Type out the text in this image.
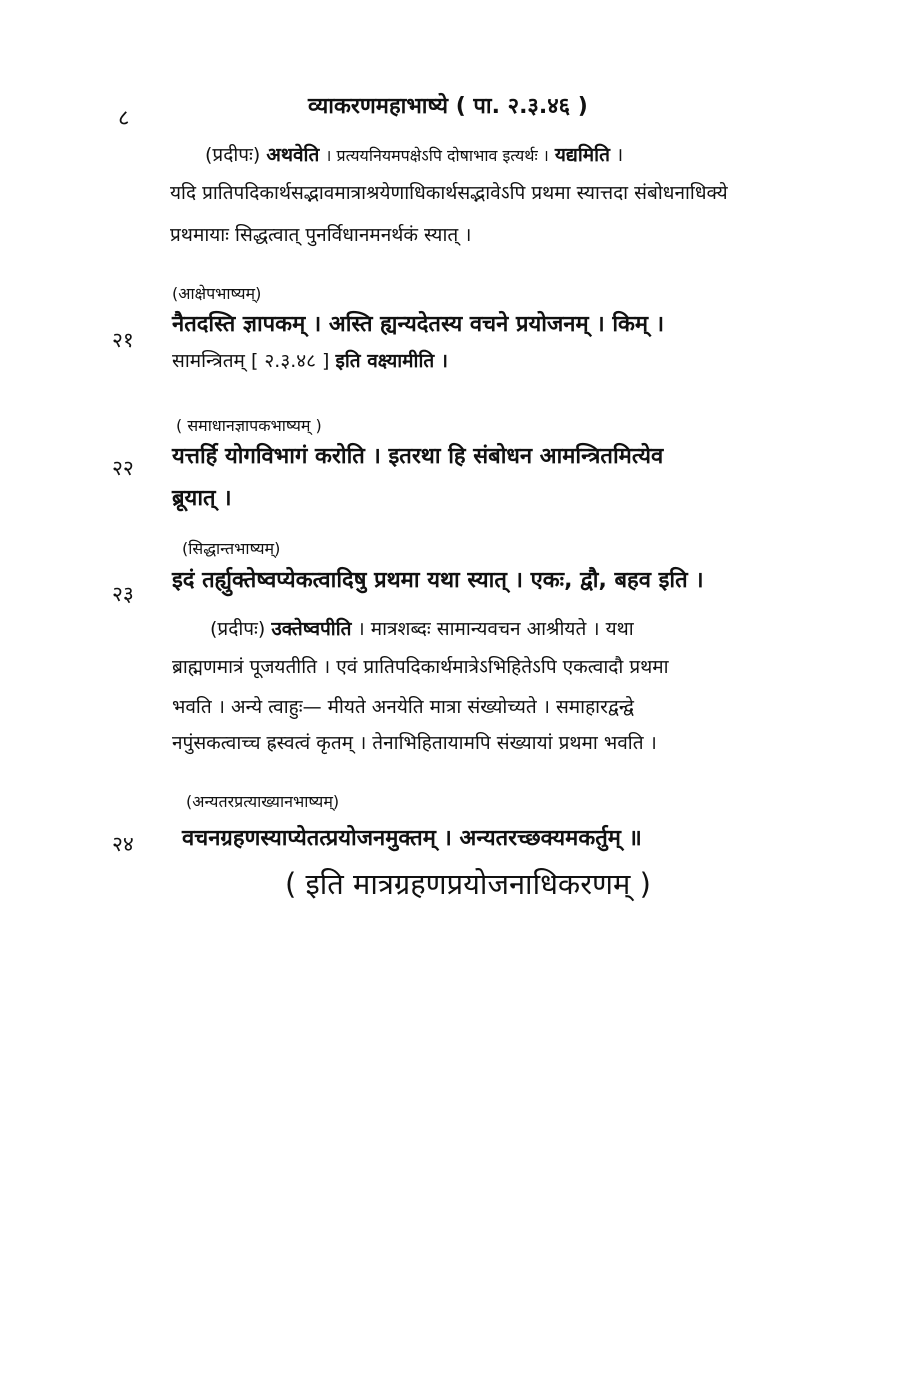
८	व्याकरणमहाभाष्ये ( पा. २.३.४६ )
(प्रदीपः) अथवेति । प्रत्ययनियमपक्षेऽपि दोषाभाव इत्यर्थः । यद्यमिति ।
यदि प्रातिपदिकार्थसद्भावमात्राश्रयेणाधिकार्थसद्भावेऽपि प्रथमा स्यात्तदा संबोधनाधिक्ये
प्रथमायाः सिद्धत्वात् पुनर्विधानमनर्थकं स्यात् ।
(आक्षेपभाष्यम्)
२१
नैतदस्ति ज्ञापकम् । अस्ति ह्यन्यदेतस्य वचने प्रयोजनम् । किम् ।
सामन्त्रितम् [ २.३.४८ ] इति वक्ष्यामीति ।
( समाधानज्ञापकभाष्यम् )
२२ यत्तर्हि योगविभागं करोति । इतरथा हि संबोधन आमन्त्रितमित्येव
ब्रूयात् ।
(सिद्धान्तभाष्यम्)
२३
इदं तर्ह्युक्तेष्वप्येकत्वादिषु प्रथमा यथा स्यात् । एकः, द्वौ, बहव इति ।
(प्रदीपः) उक्तेष्वपीति । मात्रशब्दः सामान्यवचन आश्रीयते । यथा
ब्राह्मणमात्रं पूजयतीति । एवं प्रातिपदिकार्थमात्रेऽभिहितेऽपि एकत्वादौ प्रथमा
भवति । अन्ये त्वाहुः— मीयते अनयेति मात्रा संख्योच्यते । समाहारद्वन्द्वे
नपुंसकत्वाच्च ह्रस्वत्वं कृतम् । तेनाभिहितायामपि संख्यायां प्रथमा भवति ।
(अन्यतरप्रत्याख्यानभाष्यम्)
२४ वचनग्रहणस्याप्येतत्प्रयोजनमुक्तम् । अन्यतरच्छक्यमकर्तुम् ॥
( इति मात्रग्रहणप्रयोजनाधिकरणम् )
